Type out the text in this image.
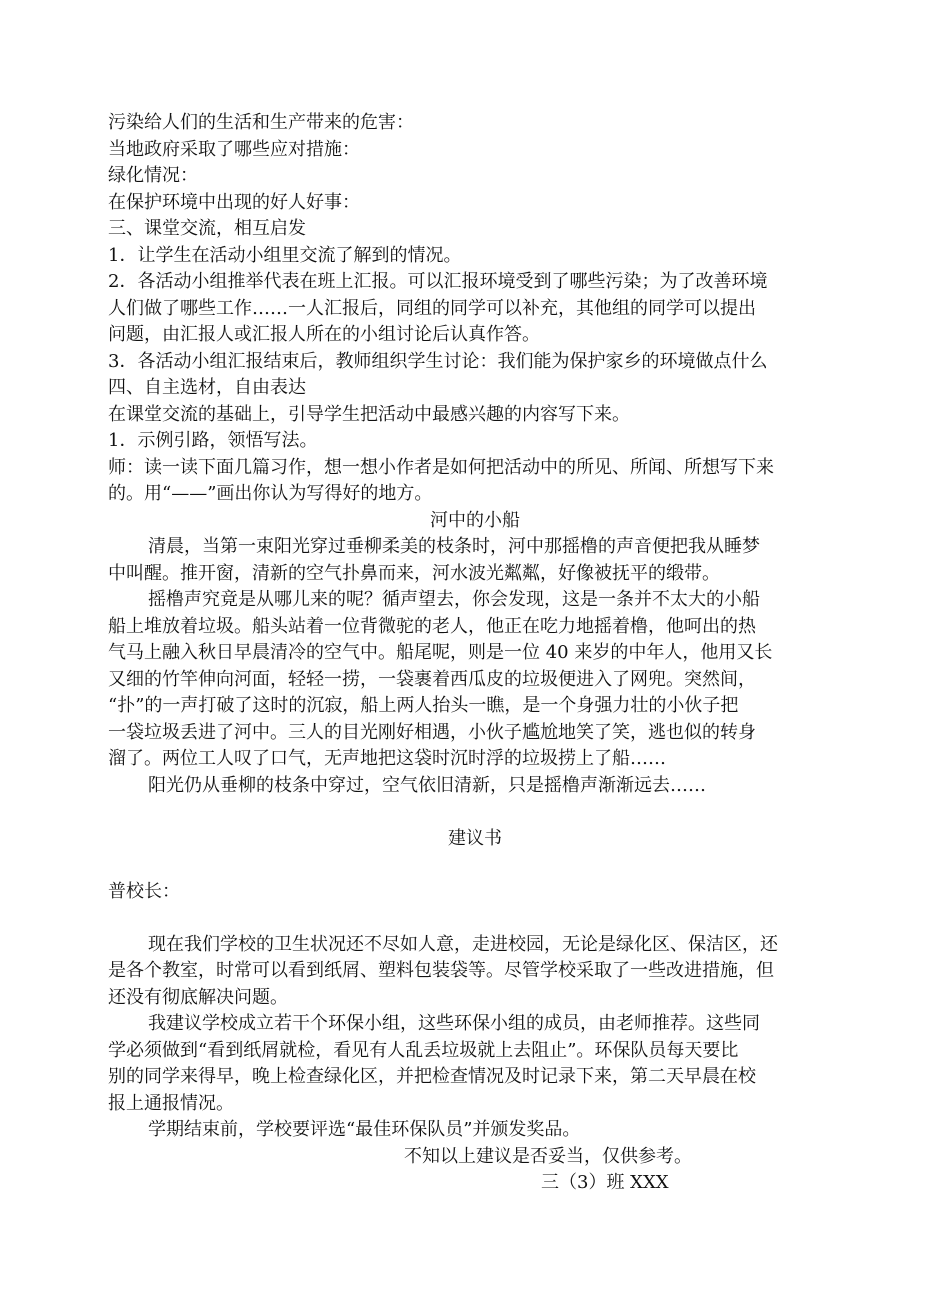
污染给人们的生活和生产带来的危害：
当地政府采取了哪些应对措施：
绿化情况：
在保护环境中出现的好人好事：
三、课堂交流，相互启发
1．让学生在活动小组里交流了解到的情况。
2．各活动小组推举代表在班上汇报。可以汇报环境受到了哪些污染；为了改善环境
人们做了哪些工作……一人汇报后，同组的同学可以补充，其他组的同学可以提出
问题，由汇报人或汇报人所在的小组讨论后认真作答。
3．各活动小组汇报结束后，教师组织学生讨论：我们能为保护家乡的环境做点什么
四、自主选材，自由表达
在课堂交流的基础上，引导学生把活动中最感兴趣的内容写下来。
1．示例引路，领悟写法。
师：读一读下面几篇习作，想一想小作者是如何把活动中的所见、所闻、所想写下来
的。用“——”画出你认为写得好的地方。
河中的小船
清晨，当第一束阳光穿过垂柳柔美的枝条时，河中那摇橹的声音便把我从睡梦
中叫醒。推开窗，清新的空气扑鼻而来，河水波光粼粼，好像被抚平的缎带。
摇橹声究竟是从哪儿来的呢？循声望去，你会发现，这是一条并不太大的小船
船上堆放着垃圾。船头站着一位背微驼的老人，他正在吃力地摇着橹，他呵出的热
气马上融入秋日早晨清冷的空气中。船尾呢，则是一位 40 来岁的中年人，他用又长
又细的竹竿伸向河面，轻轻一捞，一袋裹着西瓜皮的垃圾便进入了网兜。突然间，
“扑”的一声打破了这时的沉寂，船上两人抬头一瞧，是一个身强力壮的小伙子把
一袋垃圾丢进了河中。三人的目光刚好相遇，小伙子尴尬地笑了笑，逃也似的转身
溜了。两位工人叹了口气，无声地把这袋时沉时浮的垃圾捞上了船……
阳光仍从垂柳的枝条中穿过，空气依旧清新，只是摇橹声渐渐远去……
建议书
普校长：
现在我们学校的卫生状况还不尽如人意，走进校园，无论是绿化区、保洁区，还
是各个教室，时常可以看到纸屑、塑料包装袋等。尽管学校采取了一些改进措施，但
还没有彻底解决问题。
我建议学校成立若干个环保小组，这些环保小组的成员，由老师推荐。这些同
学必须做到“看到纸屑就检，看见有人乱丢垃圾就上去阻止”。环保队员每天要比
别的同学来得早，晚上检查绿化区，并把检查情况及时记录下来，第二天早晨在校
报上通报情况。
学期结束前，学校要评选“最佳环保队员”并颁发奖品。
不知以上建议是否妥当，仅供参考。
三（3）班 XXX
